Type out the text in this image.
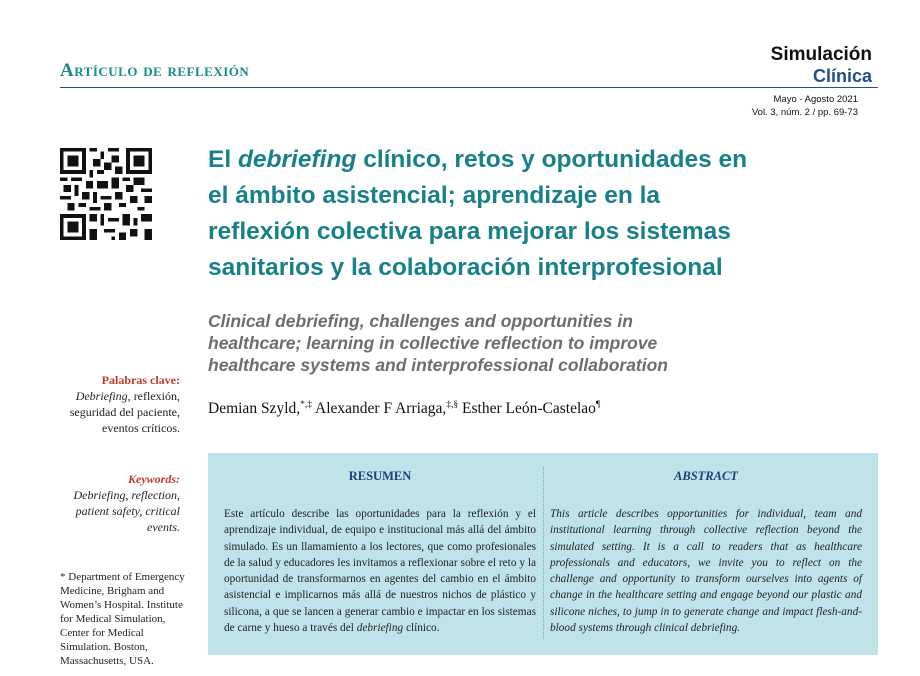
Artículo de reflexión
Simulación
Clínica
Mayo - Agosto 2021
Vol. 3, núm. 2 / pp. 69-73
El debriefing clínico, retos y oportunidades en el ámbito asistencial; aprendizaje en la reflexión colectiva para mejorar los sistemas sanitarios y la colaboración interprofesional
Clinical debriefing, challenges and opportunities in healthcare; learning in collective reflection to improve healthcare systems and interprofessional collaboration
Demian Szyld,*,‡ Alexander F Arriaga,‡,§ Esther León-Castelao¶
Palabras clave:
Debriefing, reflexión, seguridad del paciente, eventos críticos.
Keywords:
Debriefing, reflection, patient safety, critical events.
* Department of Emergency Medicine, Brigham and Women’s Hospital. Institute for Medical Simulation, Center for Medical Simulation. Boston, Massachusetts, USA.
RESUMEN
Este artículo describe las oportunidades para la reflexión y el aprendizaje individual, de equipo e institucional más allá del ámbito simulado. Es un llamamiento a los lectores, que como profesionales de la salud y educadores les invitamos a reflexionar sobre el reto y la oportunidad de transformarnos en agentes del cambio en el ámbito asistencial e implicarnos más allá de nuestros nichos de plástico y silicona, a que se lancen a generar cambio e impactar en los sistemas de carne y hueso a través del debriefing clínico.
ABSTRACT
This article describes opportunities for individual, team and institutional learning through collective reflection beyond the simulated setting. It is a call to readers that as healthcare professionals and educators, we invite you to reflect on the challenge and opportunity to transform ourselves into agents of change in the healthcare setting and engage beyond our plastic and silicone niches, to jump in to generate change and impact flesh-and-blood systems through clinical debriefing.
